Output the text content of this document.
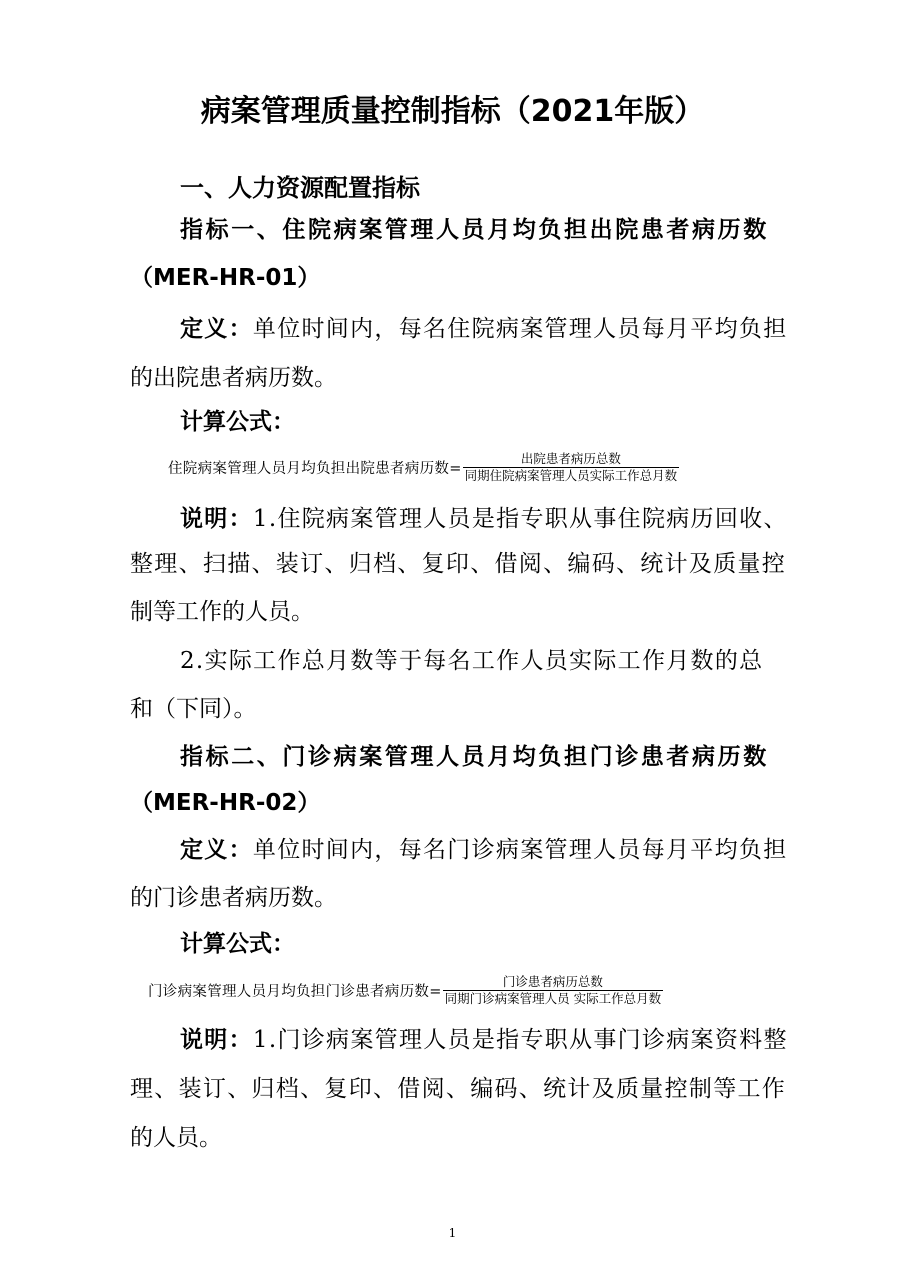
病案管理质量控制指标（2021年版）
一、人力资源配置指标
指标一、住院病案管理人员月均负担出院患者病历数
（MER-HR-01）
定义：单位时间内，每名住院病案管理人员每月平均负担
的出院患者病历数。
计算公式：
住院病案管理人员月均负担出院患者病历数= $\frac{\text{出院患者病历总数}}{\text{同期住院病案管理人员实际工作总月数}}$
说明：1.住院病案管理人员是指专职从事住院病历回收、
整理、扫描、装订、归档、复印、借阅、编码、统计及质量控
制等工作的人员。
2.实际工作总月数等于每名工作人员实际工作月数的总
和（下同）。
指标二、门诊病案管理人员月均负担门诊患者病历数
（MER-HR-02）
定义：单位时间内，每名门诊病案管理人员每月平均负担
的门诊患者病历数。
计算公式：
门诊病案管理人员月均负担门诊患者病历数= $\frac{\text{门诊患者病历总数}}{\text{同期门诊病案管理人员 实际工作总月数}}$
说明：1.门诊病案管理人员是指专职从事门诊病案资料整
理、装订、归档、复印、借阅、编码、统计及质量控制等工作
的人员。
1
